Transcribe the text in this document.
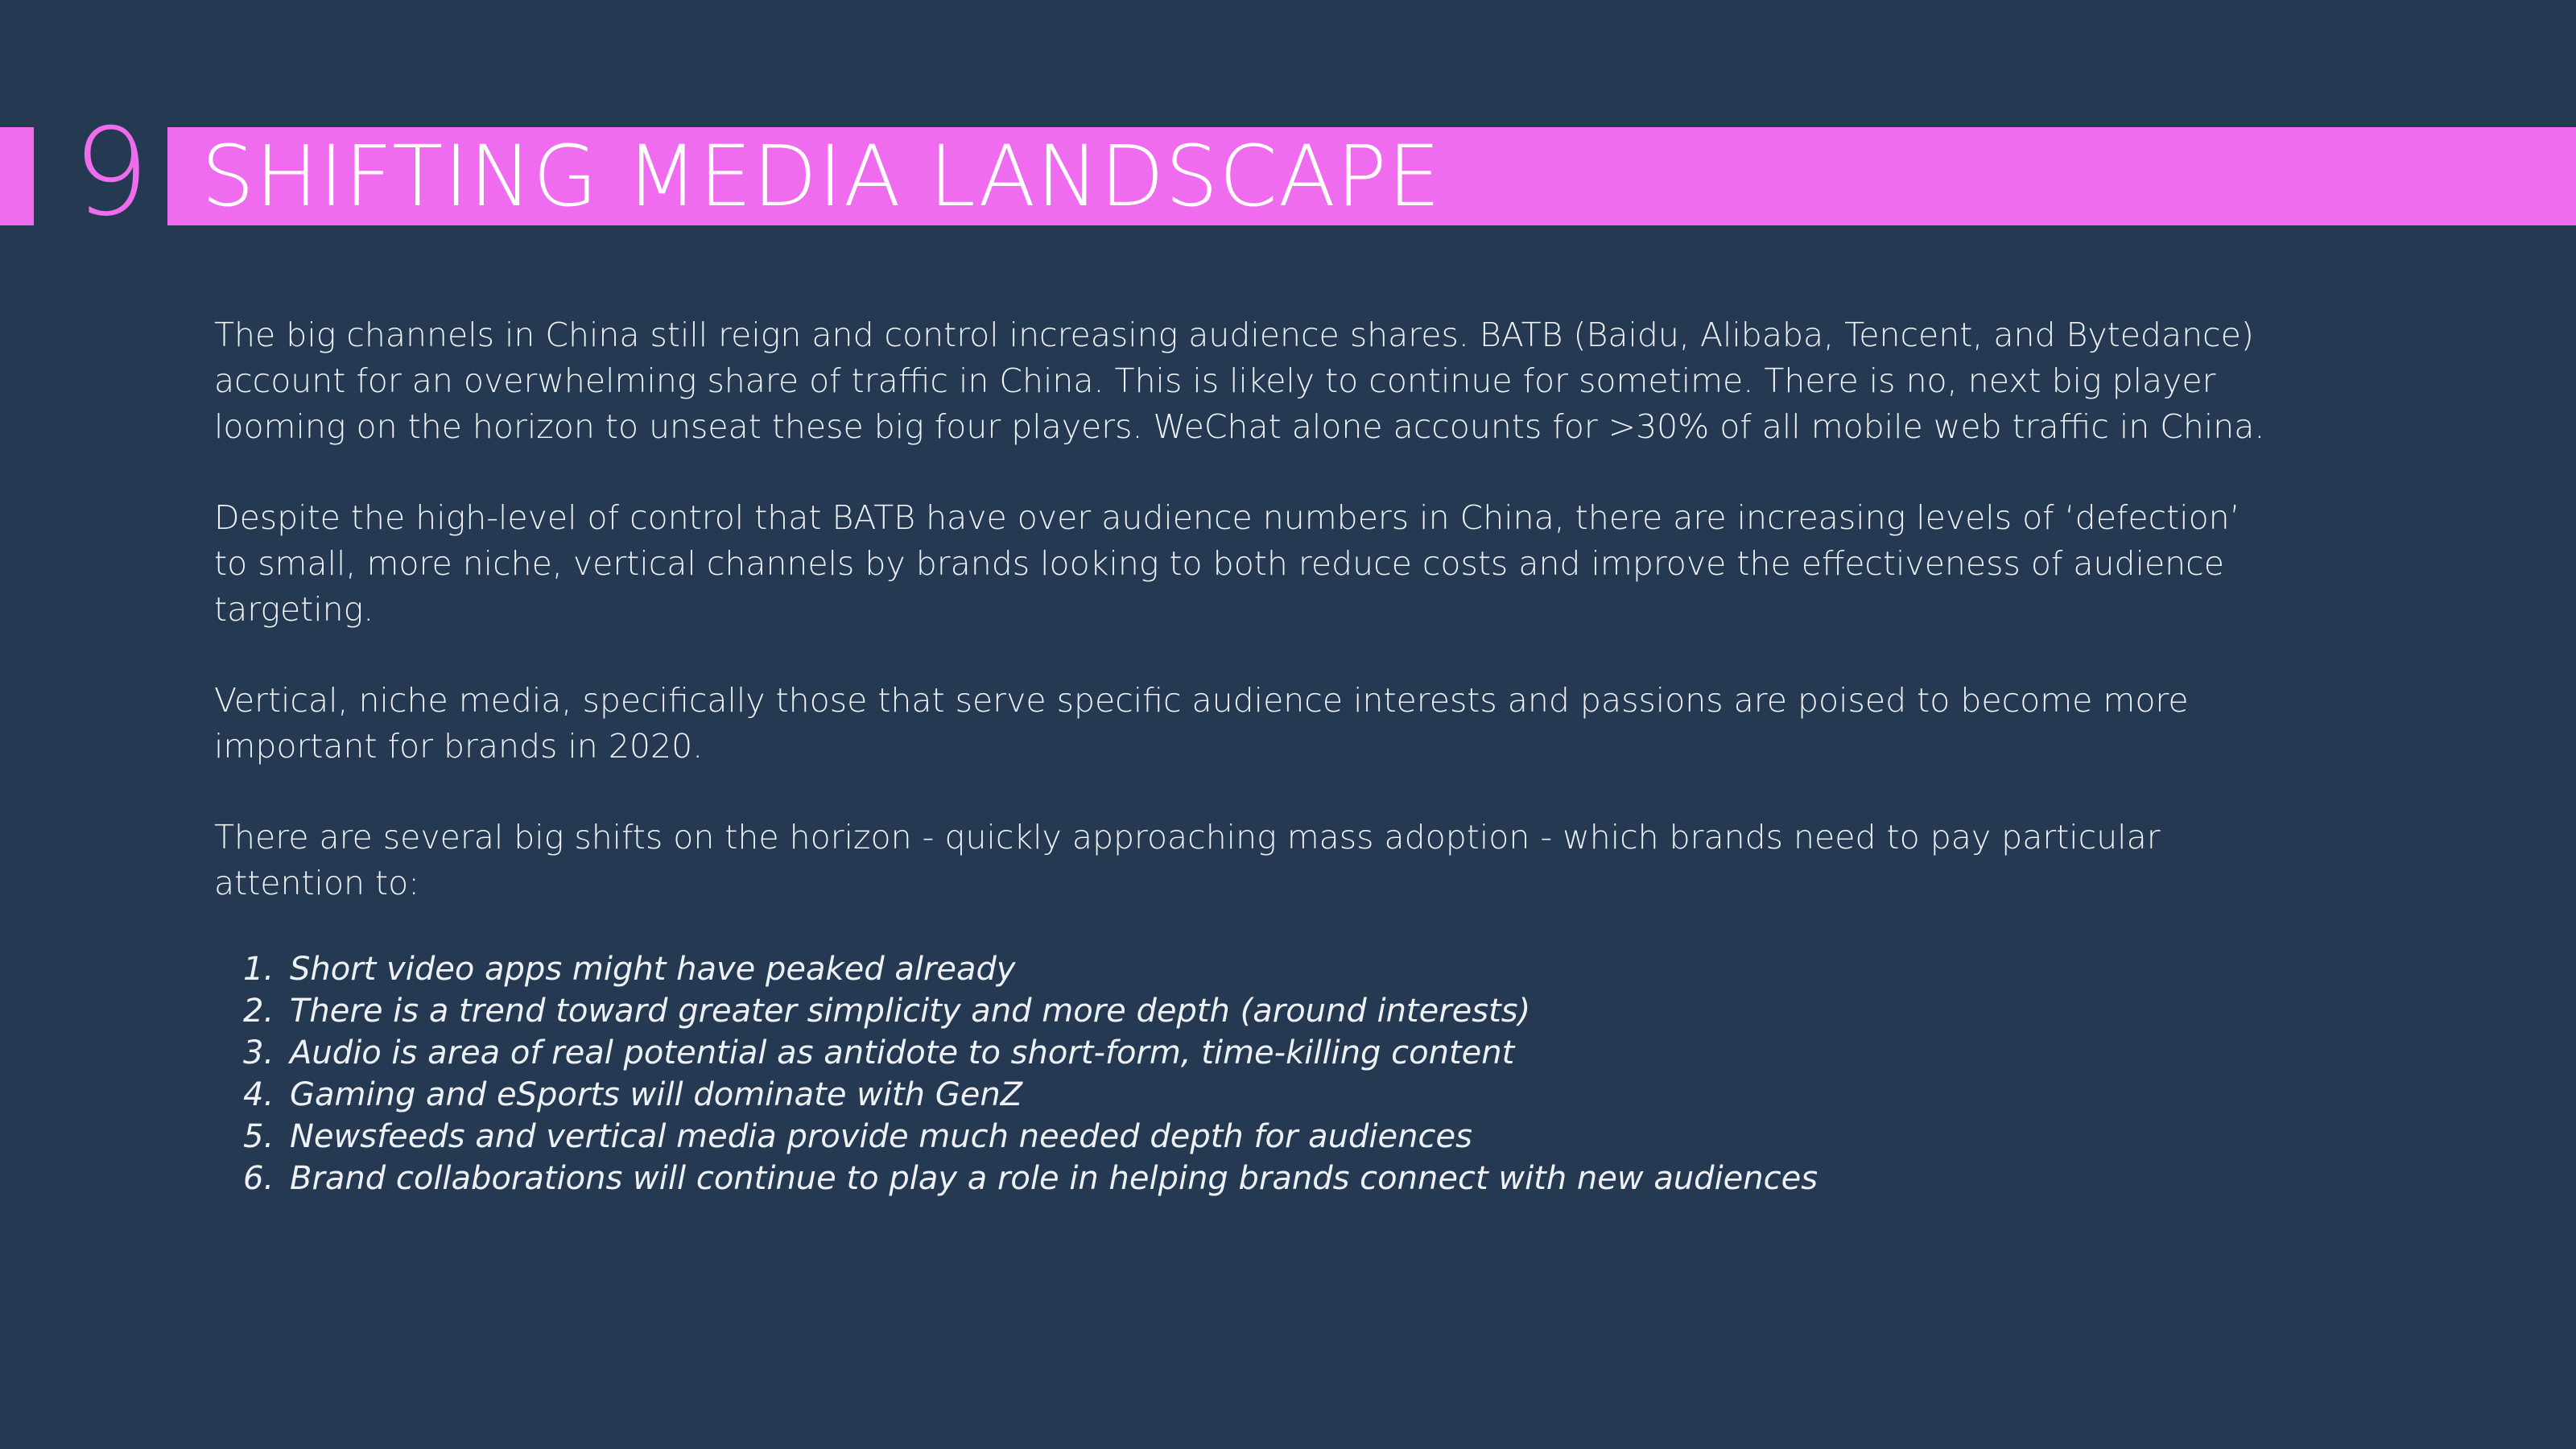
9 SHIFTING MEDIA LANDSCAPE

The big channels in China still reign and control increasing audience shares. BATB (Baidu, Alibaba, Tencent, and Bytedance) account for an overwhelming share of traffic in China. This is likely to continue for sometime. There is no, next big player looming on the horizon to unseat these big four players. WeChat alone accounts for >30% of all mobile web traffic in China.

Despite the high-level of control that BATB have over audience numbers in China, there are increasing levels of ‘defection’ to small, more niche, vertical channels by brands looking to both reduce costs and improve the effectiveness of audience targeting.

Vertical, niche media, specifically those that serve specific audience interests and passions are poised to become more important for brands in 2020.

There are several big shifts on the horizon - quickly approaching mass adoption - which brands need to pay particular attention to:

1. Short video apps might have peaked already
2. There is a trend toward greater simplicity and more depth (around interests)
3. Audio is area of real potential as antidote to short-form, time-killing content
4. Gaming and eSports will dominate with GenZ
5. Newsfeeds and vertical media provide much needed depth for audiences
6. Brand collaborations will continue to play a role in helping brands connect with new audiences
